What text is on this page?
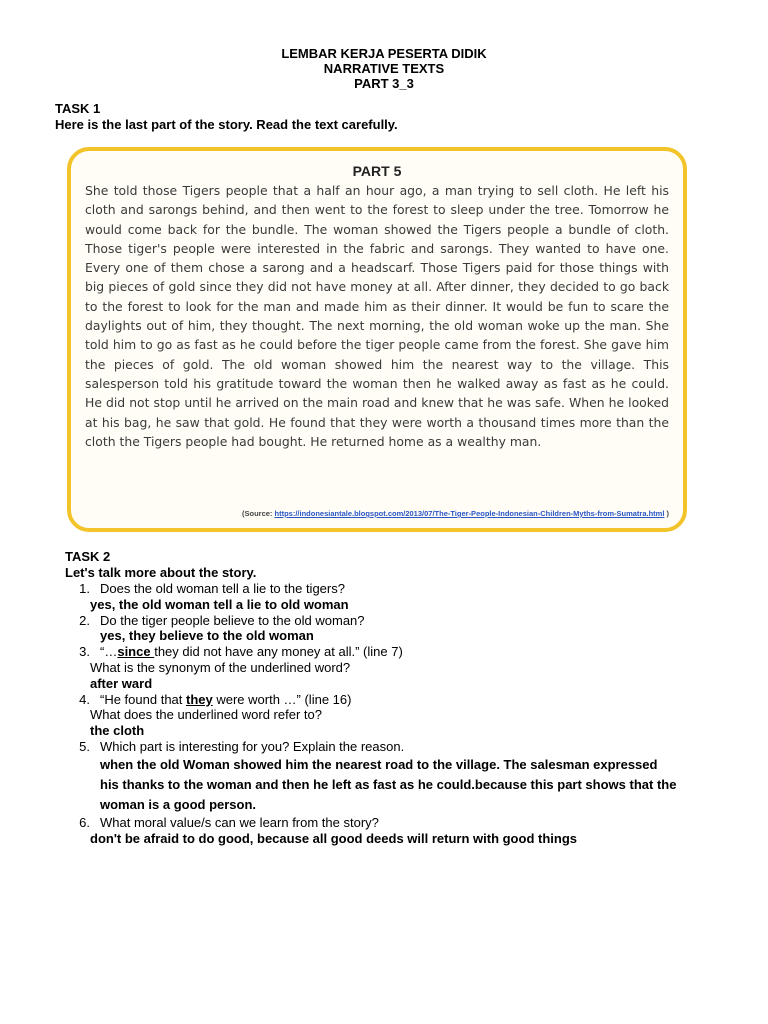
LEMBAR KERJA PESERTA DIDIK
NARRATIVE TEXTS
PART 3_3
TASK 1
Here is the last part of the story. Read the text carefully.
PART 5
She told those Tigers people that a half an hour ago, a man trying to sell cloth. He left his cloth and sarongs behind, and then went to the forest to sleep under the tree. Tomorrow he would come back for the bundle. The woman showed the Tigers people a bundle of cloth. Those tiger's people were interested in the fabric and sarongs. They wanted to have one. Every one of them chose a sarong and a headscarf. Those Tigers paid for those things with big pieces of gold since they did not have money at all. After dinner, they decided to go back to the forest to look for the man and made him as their dinner. It would be fun to scare the daylights out of him, they thought. The next morning, the old woman woke up the man. She told him to go as fast as he could before the tiger people came from the forest. She gave him the pieces of gold. The old woman showed him the nearest way to the village. This salesperson told his gratitude toward the woman then he walked away as fast as he could. He did not stop until he arrived on the main road and knew that he was safe. When he looked at his bag, he saw that gold. He found that they were worth a thousand times more than the cloth the Tigers people had bought. He returned home as a wealthy man.
(Source: https://indonesiantale.blogspot.com/2013/07/The-Tiger-People-Indonesian-Children-Myths-from-Sumatra.html )
TASK 2
Let's talk more about the story.
1. Does the old woman tell a lie to the tigers?
yes, the old woman tell a lie to old woman
2. Do the tiger people believe to the old woman?
yes, they believe to the old woman
3. “…since they did not have any money at all.” (line 7)
What is the synonym of the underlined word?
after ward
4. “He found that they were worth …” (line 16)
What does the underlined word refer to?
the cloth
5. Which part is interesting for you? Explain the reason.
when the old Woman showed him the nearest road to the village. The salesman expressed
his thanks to the woman and then he left as fast as he could.because this part shows that the
woman is a good person.
6. What moral value/s can we learn from the story?
don't be afraid to do good, because all good deeds will return with good things
